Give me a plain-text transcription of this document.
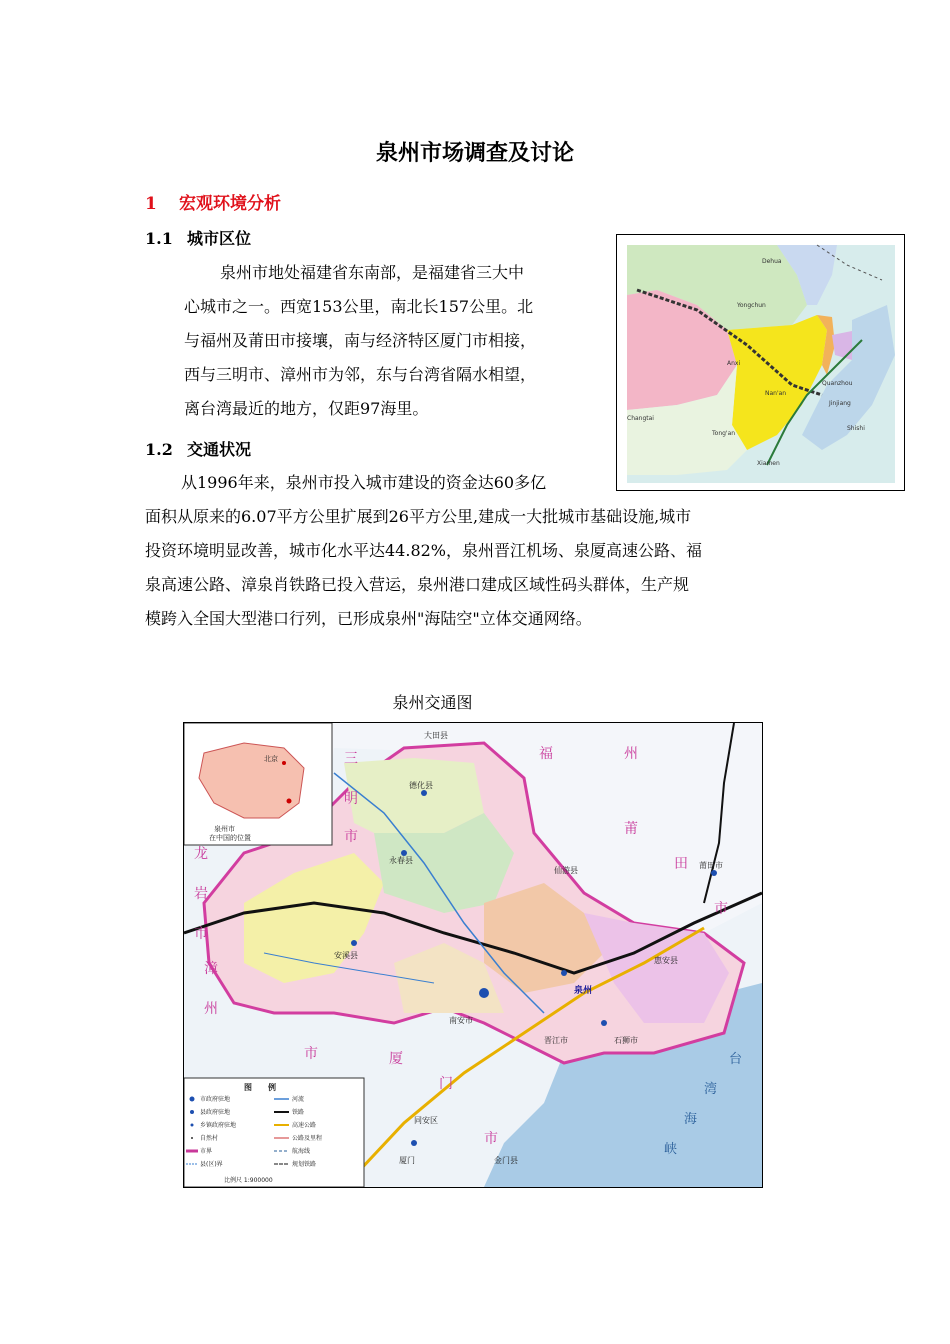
泉州市场调查及讨论
1 宏观环境分析
1.1 城市区位

泉州市地处福建省东南部，是福建省三大中

心城市之一。西宽153公里，南北长157公里。北

与福州及莆田市接壤，南与经济特区厦门市相接，

西与三明市、漳州市为邻，东与台湾省隔水相望，

离台湾最近的地方，仅距97海里。

1.2 交通状况

从1996年来，泉州市投入城市建设的资金达60多亿

面积从原来的6.07平方公里扩展到26平方公里,建成一大批城市基础设施,城市

投资环境明显改善，城市化水平达44.82%，泉州晋江机场、泉厦高速公路、福

泉高速公路、漳泉肖铁路已投入营运，泉州港口建成区域性码头群体，生产规

模跨入全国大型港口行列，已形成泉州"海陆空"立体交通网络。

Dehua
Yongchun
Anxi
Nan'an
Quanzhou
Jinjiang
Changtai
Tong'an
Xiamen
Shishi
泉州交通图
北京
泉州市
在中国的位置
德化县
永春县
安溪县
南安市
泉州
晋江市	石狮市
惠安县
莆田市
同安区
厦门	金门县
大田县
仙游县
三
明
市
福	州
莆
田
市
龙
岩
市
漳
州
市	厦
门
市
台
湾
海
峡
图　　例
市政府驻地
县政府驻地
乡镇政府驻地
自然村
市界
县(区)界
河流
铁路
高速公路
公路及里程
航海线
规划铁路
比例尺 1:900000
